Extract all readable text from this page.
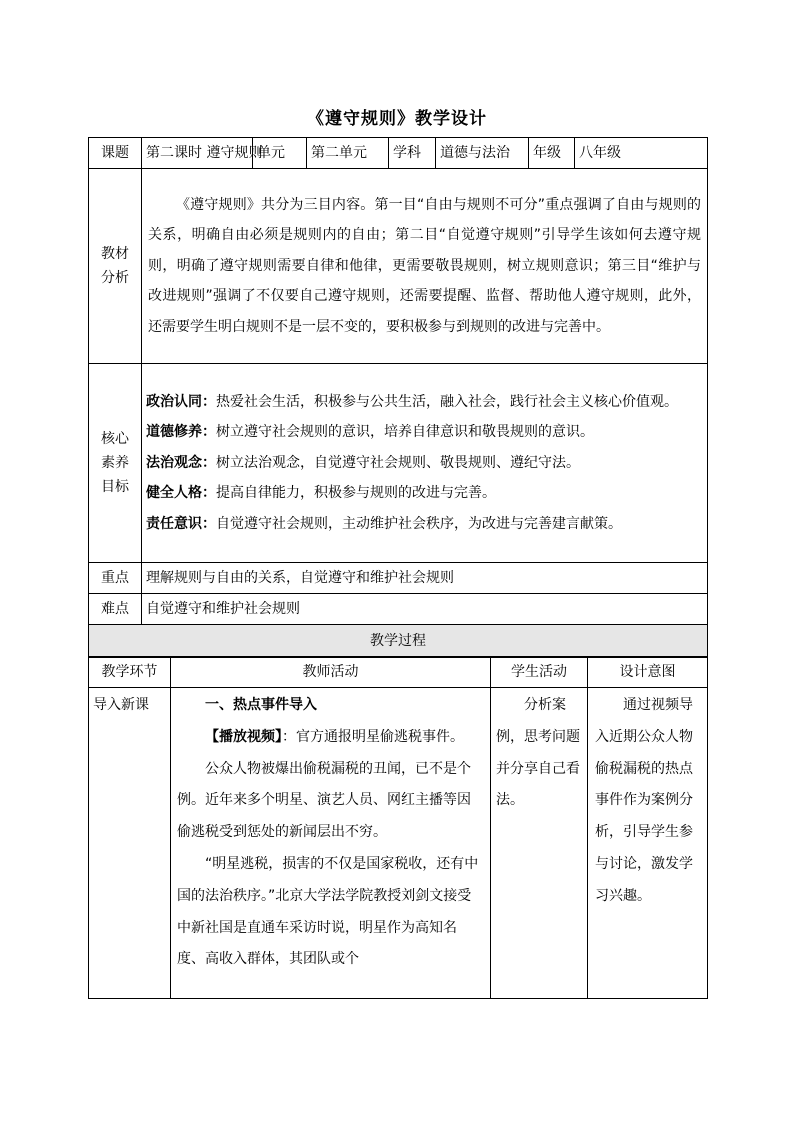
《遵守规则》教学设计
课题	第二课时 遵守规则	单元	第二单元	学科	道德与法治	年级	八年级
教材分析	《遵守规则》共分为三目内容。第一目“自由与规则不可分”重点强调了自由与规则的关系，明确自由必须是规则内的自由；第二目“自觉遵守规则”引导学生该如何去遵守规则，明确了遵守规则需要自律和他律，更需要敬畏规则，树立规则意识；第三目“维护与改进规则”强调了不仅要自己遵守规则，还需要提醒、监督、帮助他人遵守规则，此外，还需要学生明白规则不是一层不变的，要积极参与到规则的改进与完善中。						
核心素养目标	政治认同：热爱社会生活，积极参与公共生活，融入社会，践行社会主义核心价值观。
道德修养：树立遵守社会规则的意识，培养自律意识和敬畏规则的意识。
法治观念：树立法治观念，自觉遵守社会规则、敬畏规则、遵纪守法。
健全人格：提高自律能力，积极参与规则的改进与完善。
责任意识：自觉遵守社会规则，主动维护社会秩序，为改进与完善建言献策。						

重点	理解规则与自由的关系，自觉遵守和维护社会规则						
难点	自觉遵守和维护社会规则						
教学过程							
教学环节	教师活动	学生活动	设计意图
导入新课	一、热点事件导入
【播放视频】：官方通报明星偷逃税事件。
公众人物被爆出偷税漏税的丑闻，已不是个例。近年来多个明星、演艺人员、网红主播等因偷逃税受到惩处的新闻层出不穷。
“明星逃税，损害的不仅是国家税收，还有中国的法治秩序。”北京大学法学院教授刘剑文接受中新社国是直通车采访时说，明星作为高知名度、高收入群体，其团队或个	分析案例，思考问题并分享自己看法。	通过视频导入近期公众人物偷税漏税的热点事件作为案例分析，引导学生参与讨论，激发学习兴趣。
